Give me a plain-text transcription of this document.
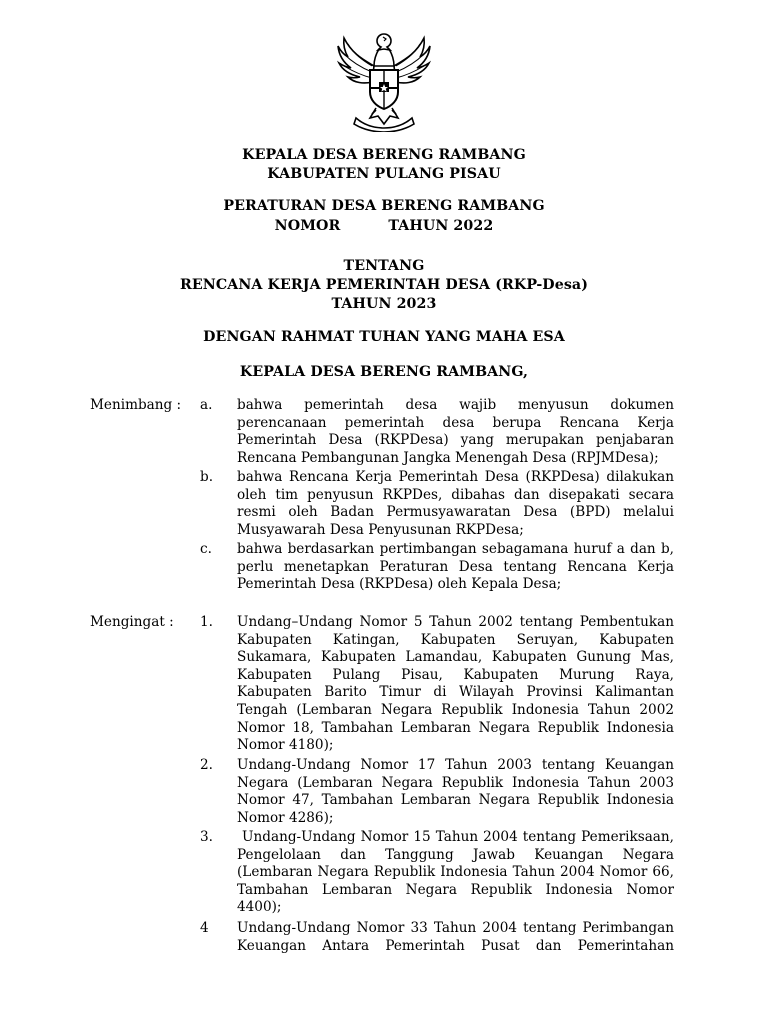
KEPALA DESA BERENG RAMBANG
KABUPATEN PULANG PISAU
PERATURAN DESA BERENG RAMBANG
NOMOR	TAHUN 2022
TENTANG
RENCANA KERJA PEMERINTAH DESA (RKP-Desa)
TAHUN 2023
DENGAN RAHMAT TUHAN YANG MAHA ESA
KEPALA DESA BERENG RAMBANG,
Menimbang : a. bahwa pemerintah desa wajib menyusun dokumen
perencanaan pemerintah desa berupa Rencana Kerja
Pemerintah Desa (RKPDesa) yang merupakan penjabaran
Rencana Pembangunan Jangka Menengah Desa (RPJMDesa);
b. bahwa Rencana Kerja Pemerintah Desa (RKPDesa) dilakukan
oleh tim penyusun RKPDes, dibahas dan disepakati secara
resmi oleh Badan Permusyawaratan Desa (BPD) melalui
Musyawarah Desa Penyusunan RKPDesa;
c. bahwa berdasarkan pertimbangan sebagamana huruf a dan b,
perlu menetapkan Peraturan Desa tentang Rencana Kerja
Pemerintah Desa (RKPDesa) oleh Kepala Desa;
Mengingat : 1. Undang–Undang Nomor 5 Tahun 2002 tentang Pembentukan
Kabupaten Katingan, Kabupaten Seruyan, Kabupaten
Sukamara, Kabupaten Lamandau, Kabupaten Gunung Mas,
Kabupaten Pulang Pisau, Kabupaten Murung Raya,
Kabupaten Barito Timur di Wilayah Provinsi Kalimantan
Tengah (Lembaran Negara Republik Indonesia Tahun 2002
Nomor 18, Tambahan Lembaran Negara Republik Indonesia
Nomor 4180);
2. Undang-Undang Nomor 17 Tahun 2003 tentang Keuangan
Negara (Lembaran Negara Republik Indonesia Tahun 2003
Nomor 47, Tambahan Lembaran Negara Republik Indonesia
Nomor 4286);
3. Undang-Undang Nomor 15 Tahun 2004 tentang Pemeriksaan,
Pengelolaan dan Tanggung Jawab Keuangan Negara
(Lembaran Negara Republik Indonesia Tahun 2004 Nomor 66,
Tambahan Lembaran Negara Republik Indonesia Nomor
4400);
4 Undang-Undang Nomor 33 Tahun 2004 tentang Perimbangan
Keuangan Antara Pemerintah Pusat dan Pemerintahan
